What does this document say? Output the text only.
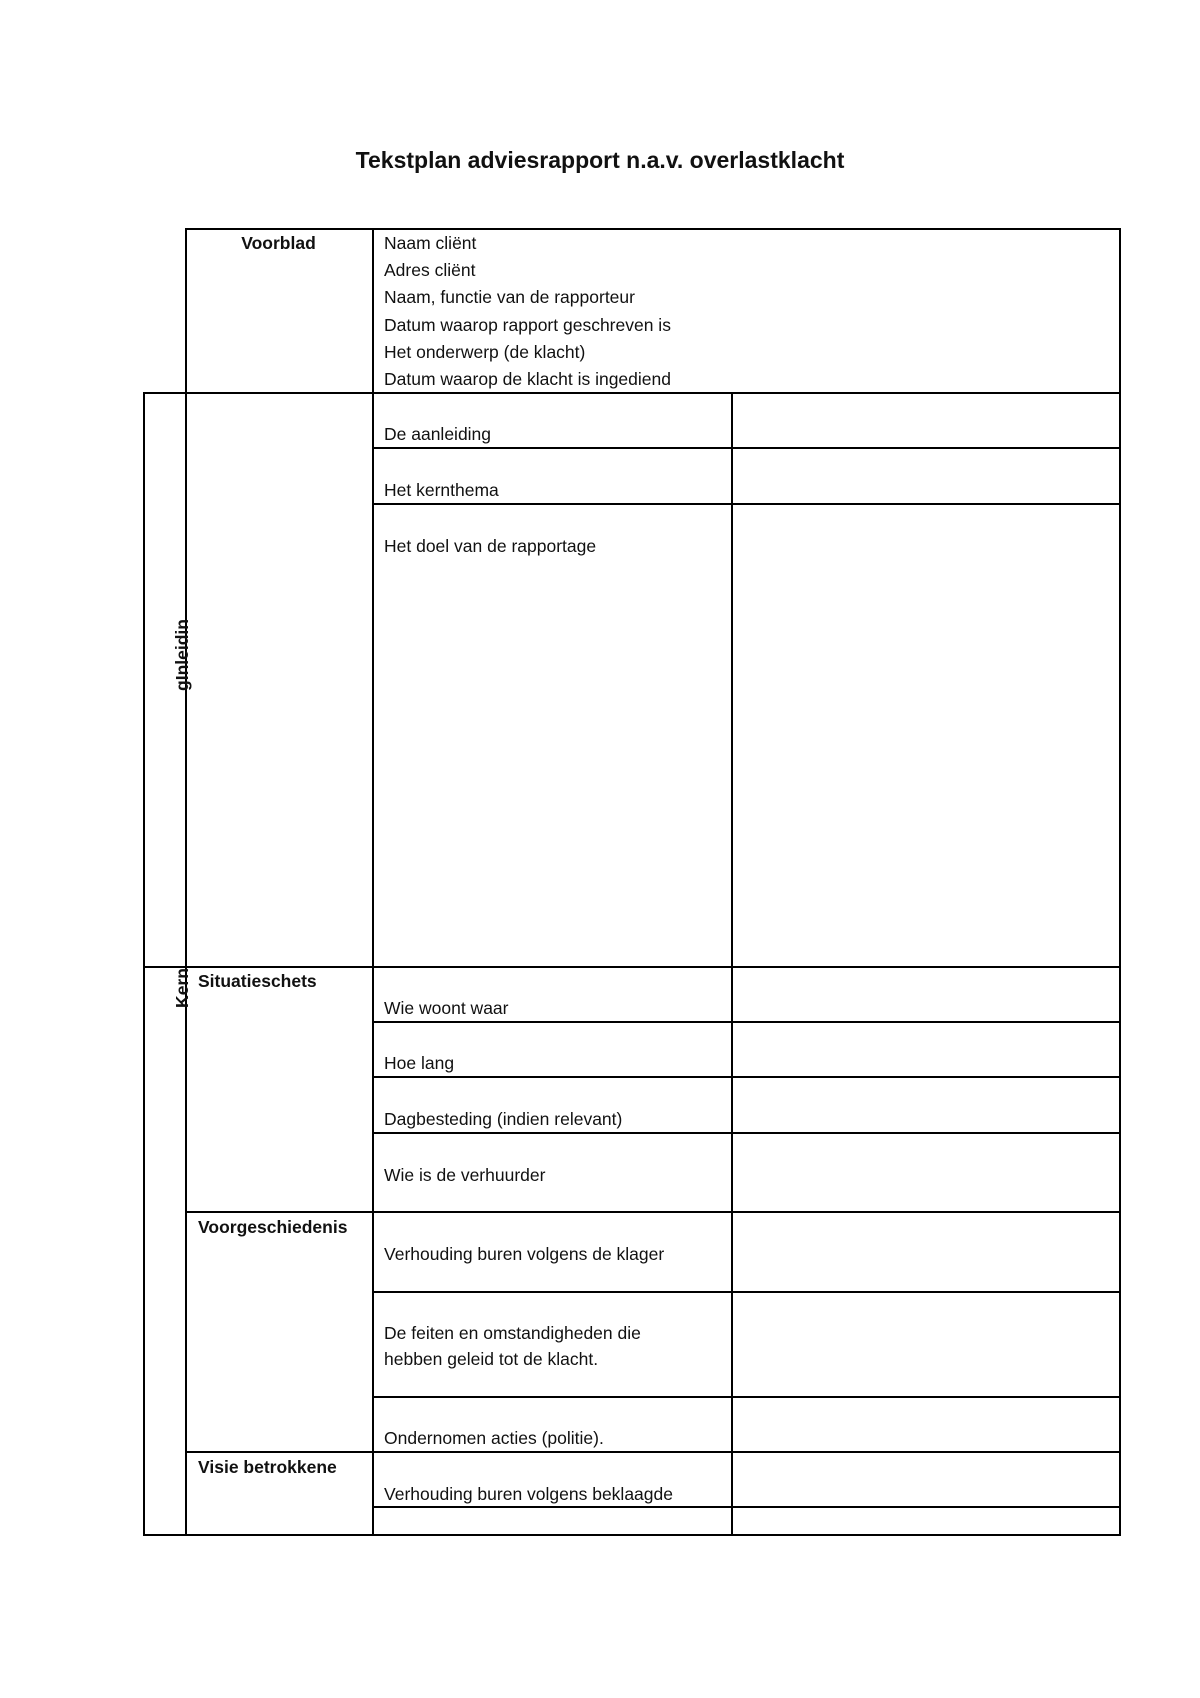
Tekstplan adviesrapport n.a.v. overlastklacht
Voorblad	Naam cliënt
Adres cliënt
Naam, functie van de rapporteur
Datum waarop rapport geschreven is
Het onderwerp (de klacht)
Datum waarop de klacht is ingediend
gInleidin
De aanleiding
Het kernthema
Het doel van de rapportage
Kern Situatieschets
Wie woont waar
Hoe lang
Dagbesteding (indien relevant)
Wie is de verhuurder
Voorgeschiedenis
Verhouding buren volgens de klager
De feiten en omstandigheden die
hebben geleid tot de klacht.
Ondernomen acties (politie).
Visie betrokkene
Verhouding buren volgens beklaagde
